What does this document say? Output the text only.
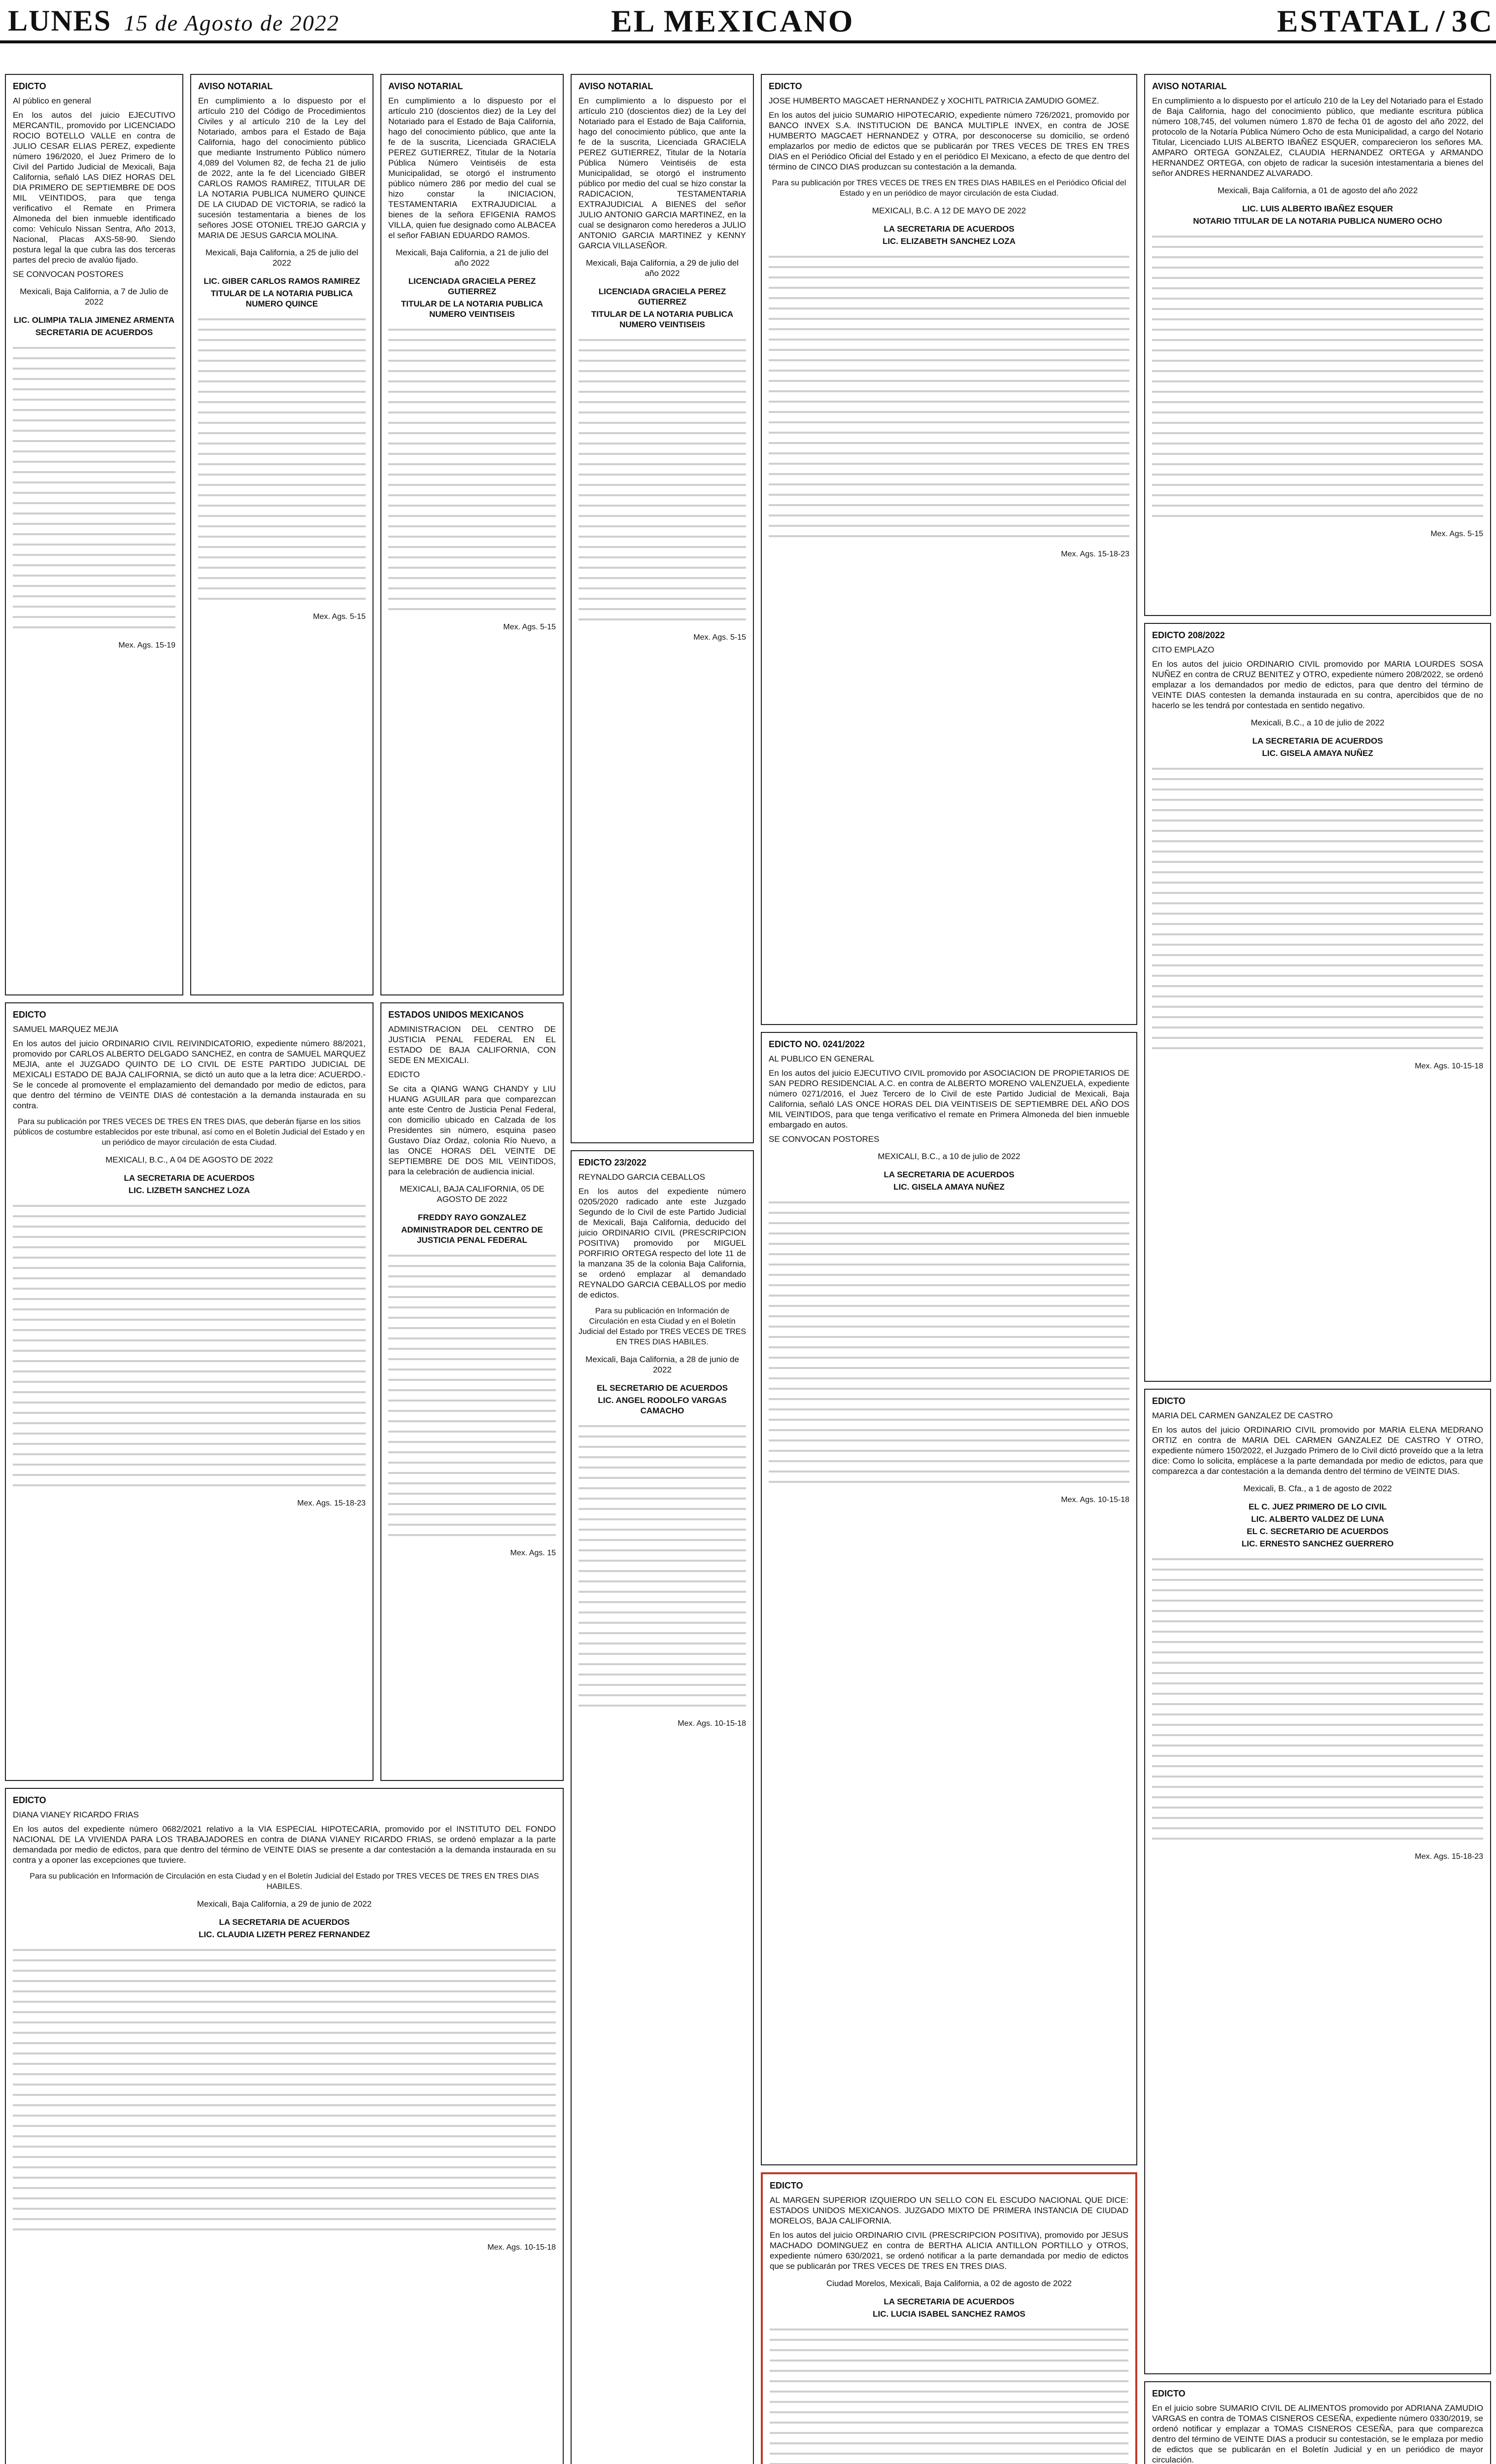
LUNES 15 de Agosto de 2022	EL MEXICANO	ESTATAL / 3C
EDICTO

Al público en general

En los autos del juicio EJECUTIVO MERCANTIL, promovido por LICENCIADO ROCIO BOTELLO VALLE en contra de JULIO CESAR ELIAS PEREZ, expediente número 196/2020, el Juez Primero de lo Civil del Partido Judicial de Mexicali, Baja California, señaló LAS DIEZ HORAS DEL DIA PRIMERO DE SEPTIEMBRE DE DOS MIL VEINTIDOS, para que tenga verificativo el Remate en Primera Almoneda del bien inmueble identificado como: Vehículo Nissan Sentra, Año 2013, Nacional, Placas AXS-58-90. Siendo postura legal la que cubra las dos terceras partes del precio de avalúo fijado.

SE CONVOCAN POSTORES

Mexicali, Baja California, a 7 de Julio de 2022

LIC. OLIMPIA TALIA JIMENEZ ARMENTA

SECRETARIA DE ACUERDOS

Mex. Ags. 15-19
AVISO NOTARIAL

En cumplimiento a lo dispuesto por el artículo 210 del Código de Procedimientos Civiles y al artículo 210 de la Ley del Notariado, ambos para el Estado de Baja California, hago del conocimiento público que mediante Instrumento Público número 4,089 del Volumen 82, de fecha 21 de julio de 2022, ante la fe del Licenciado GIBER CARLOS RAMOS RAMIREZ, TITULAR DE LA NOTARIA PUBLICA NUMERO QUINCE DE LA CIUDAD DE VICTORIA, se radicó la sucesión testamentaria a bienes de los señores JOSE OTONIEL TREJO GARCIA y MARIA DE JESUS GARCIA MOLINA.

Mexicali, Baja California, a 25 de julio del 2022

LIC. GIBER CARLOS RAMOS RAMIREZ

TITULAR DE LA NOTARIA PUBLICA NUMERO QUINCE

Mex. Ags. 5-15
AVISO NOTARIAL

En cumplimiento a lo dispuesto por el artículo 210 (doscientos diez) de la Ley del Notariado para el Estado de Baja California, hago del conocimiento público, que ante la fe de la suscrita, Licenciada GRACIELA PEREZ GUTIERREZ, Titular de la Notaría Pública Número Veintiséis de esta Municipalidad, se otorgó el instrumento público número 286 por medio del cual se hizo constar la INICIACION, TESTAMENTARIA EXTRAJUDICIAL a bienes de la señora EFIGENIA RAMOS VILLA, quien fue designado como ALBACEA el señor FABIAN EDUARDO RAMOS.

Mexicali, Baja California, a 21 de julio del año 2022

LICENCIADA GRACIELA PEREZ GUTIERREZ

TITULAR DE LA NOTARIA PUBLICA NUMERO VEINTISEIS

Mex. Ags. 5-15
AVISO NOTARIAL

En cumplimiento a lo dispuesto por el artículo 210 (doscientos diez) de la Ley del Notariado para el Estado de Baja California, hago del conocimiento público, que ante la fe de la suscrita, Licenciada GRACIELA PEREZ GUTIERREZ, Titular de la Notaría Pública Número Veintiséis de esta Municipalidad, se otorgó el instrumento público por medio del cual se hizo constar la RADICACION, TESTAMENTARIA EXTRAJUDICIAL A BIENES del señor JULIO ANTONIO GARCIA MARTINEZ, en la cual se designaron como herederos a JULIO ANTONIO GARCIA MARTINEZ y KENNY GARCIA VILLASEÑOR.

Mexicali, Baja California, a 29 de julio del año 2022

LICENCIADA GRACIELA PEREZ GUTIERREZ

TITULAR DE LA NOTARIA PUBLICA NUMERO VEINTISEIS

Mex. Ags. 5-15
EDICTO

JOSE HUMBERTO MAGCAET HERNANDEZ y XOCHITL PATRICIA ZAMUDIO GOMEZ.

En los autos del juicio SUMARIO HIPOTECARIO, expediente número 726/2021, promovido por BANCO INVEX S.A. INSTITUCION DE BANCA MULTIPLE INVEX, en contra de JOSE HUMBERTO MAGCAET HERNANDEZ y OTRA, por desconocerse su domicilio, se ordenó emplazarlos por medio de edictos que se publicarán por TRES VECES DE TRES EN TRES DIAS en el Periódico Oficial del Estado y en el periódico El Mexicano, a efecto de que dentro del término de CINCO DIAS produzcan su contestación a la demanda.

Para su publicación por TRES VECES DE TRES EN TRES DIAS HABILES en el Periódico Oficial del Estado y en un periódico de mayor circulación de esta Ciudad.
MEXICALI, B.C. A 12 DE MAYO DE 2022

LA SECRETARIA DE ACUERDOS

LIC. ELIZABETH SANCHEZ LOZA

Mex. Ags. 15-18-23
AVISO NOTARIAL

En cumplimiento a lo dispuesto por el artículo 210 de la Ley del Notariado para el Estado de Baja California, hago del conocimiento público, que mediante escritura pública número 108,745, del volumen número 1.870 de fecha 01 de agosto del año 2022, del protocolo de la Notaría Pública Número Ocho de esta Municipalidad, a cargo del Notario Titular, Licenciado LUIS ALBERTO IBAÑEZ ESQUER, comparecieron los señores MA. AMPARO ORTEGA GONZALEZ, CLAUDIA HERNANDEZ ORTEGA y ARMANDO HERNANDEZ ORTEGA, con objeto de radicar la sucesión intestamentaria a bienes del señor ANDRES HERNANDEZ ALVARADO.

Mexicali, Baja California, a 01 de agosto del año 2022

LIC. LUIS ALBERTO IBAÑEZ ESQUER

NOTARIO TITULAR DE LA NOTARIA PUBLICA NUMERO OCHO

Mex. Ags. 5-15
EDICTO

SAMUEL MARQUEZ MEJIA

En los autos del juicio ORDINARIO CIVIL REIVINDICATORIO, expediente número 88/2021, promovido por CARLOS ALBERTO DELGADO SANCHEZ, en contra de SAMUEL MARQUEZ MEJIA, ante el JUZGADO QUINTO DE LO CIVIL DE ESTE PARTIDO JUDICIAL DE MEXICALI ESTADO DE BAJA CALIFORNIA, se dictó un auto que a la letra dice: ACUERDO.- Se le concede al promovente el emplazamiento del demandado por medio de edictos, para que dentro del término de VEINTE DIAS dé contestación a la demanda instaurada en su contra.

Para su publicación por TRES VECES DE TRES EN TRES DIAS, que deberán fijarse en los sitios públicos de costumbre establecidos por este tribunal, así como en el Boletín Judicial del Estado y en un periódico de mayor circulación de esta Ciudad.
MEXICALI, B.C., A 04 DE AGOSTO DE 2022

LA SECRETARIA DE ACUERDOS

LIC. LIZBETH SANCHEZ LOZA

Mex. Ags. 15-18-23
ESTADOS UNIDOS MEXICANOS

ADMINISTRACION DEL CENTRO DE JUSTICIA PENAL FEDERAL EN EL ESTADO DE BAJA CALIFORNIA, CON SEDE EN MEXICALI.

EDICTO

Se cita a QIANG WANG CHANDY y LIU HUANG AGUILAR para que comparezcan ante este Centro de Justicia Penal Federal, con domicilio ubicado en Calzada de los Presidentes sin número, esquina paseo Gustavo Díaz Ordaz, colonia Río Nuevo, a las ONCE HORAS DEL VEINTE DE SEPTIEMBRE DE DOS MIL VEINTIDOS, para la celebración de audiencia inicial.

MEXICALI, BAJA CALIFORNIA, 05 DE AGOSTO DE 2022

FREDDY RAYO GONZALEZ

ADMINISTRADOR DEL CENTRO DE JUSTICIA PENAL FEDERAL

Mex. Ags. 15
EDICTO NO. 0241/2022

AL PUBLICO EN GENERAL

En los autos del juicio EJECUTIVO CIVIL promovido por ASOCIACION DE PROPIETARIOS DE SAN PEDRO RESIDENCIAL A.C. en contra de ALBERTO MORENO VALENZUELA, expediente número 0271/2016, el Juez Tercero de lo Civil de este Partido Judicial de Mexicali, Baja California, señaló LAS ONCE HORAS DEL DIA VEINTISEIS DE SEPTIEMBRE DEL AÑO DOS MIL VEINTIDOS, para que tenga verificativo el remate en Primera Almoneda del bien inmueble embargado en autos.

SE CONVOCAN POSTORES

MEXICALI, B.C., a 10 de julio de 2022

LA SECRETARIA DE ACUERDOS

LIC. GISELA AMAYA NUÑEZ

Mex. Ags. 10-15-18
EDICTO 208/2022

CITO EMPLAZO

En los autos del juicio ORDINARIO CIVIL promovido por MARIA LOURDES SOSA NUÑEZ en contra de CRUZ BENITEZ y OTRO, expediente número 208/2022, se ordenó emplazar a los demandados por medio de edictos, para que dentro del término de VEINTE DIAS contesten la demanda instaurada en su contra, apercibidos que de no hacerlo se les tendrá por contestada en sentido negativo.

Mexicali, B.C., a 10 de julio de 2022

LA SECRETARIA DE ACUERDOS

LIC. GISELA AMAYA NUÑEZ

Mex. Ags. 10-15-18
EDICTO

DIANA VIANEY RICARDO FRIAS

En los autos del expediente número 0682/2021 relativo a la VIA ESPECIAL HIPOTECARIA, promovido por el INSTITUTO DEL FONDO NACIONAL DE LA VIVIENDA PARA LOS TRABAJADORES en contra de DIANA VIANEY RICARDO FRIAS, se ordenó emplazar a la parte demandada por medio de edictos, para que dentro del término de VEINTE DIAS se presente a dar contestación a la demanda instaurada en su contra y a oponer las excepciones que tuviere.

Para su publicación en Información de Circulación en esta Ciudad y en el Boletín Judicial del Estado por TRES VECES DE TRES EN TRES DIAS HABILES.
Mexicali, Baja California, a 29 de junio de 2022

LA SECRETARIA DE ACUERDOS

LIC. CLAUDIA LIZETH PEREZ FERNANDEZ

Mex. Ags. 10-15-18
EDICTO 23/2022

REYNALDO GARCIA CEBALLOS

En los autos del expediente número 0205/2020 radicado ante este Juzgado Segundo de lo Civil de este Partido Judicial de Mexicali, Baja California, deducido del juicio ORDINARIO CIVIL (PRESCRIPCION POSITIVA) promovido por MIGUEL PORFIRIO ORTEGA respecto del lote 11 de la manzana 35 de la colonia Baja California, se ordenó emplazar al demandado REYNALDO GARCIA CEBALLOS por medio de edictos.

Para su publicación en Información de Circulación en esta Ciudad y en el Boletín Judicial del Estado por TRES VECES DE TRES EN TRES DIAS HABILES.
Mexicali, Baja California, a 28 de junio de 2022

EL SECRETARIO DE ACUERDOS

LIC. ANGEL RODOLFO VARGAS CAMACHO

Mex. Ags. 10-15-18
EDICTO

AL MARGEN SUPERIOR IZQUIERDO UN SELLO CON EL ESCUDO NACIONAL QUE DICE: ESTADOS UNIDOS MEXICANOS. JUZGADO MIXTO DE PRIMERA INSTANCIA DE CIUDAD MORELOS, BAJA CALIFORNIA.

En los autos del juicio ORDINARIO CIVIL (PRESCRIPCION POSITIVA), promovido por JESUS MACHADO DOMINGUEZ en contra de BERTHA ALICIA ANTILLON PORTILLO y OTROS, expediente número 630/2021, se ordenó notificar a la parte demandada por medio de edictos que se publicarán por TRES VECES DE TRES EN TRES DIAS.

Ciudad Morelos, Mexicali, Baja California, a 02 de agosto de 2022

LA SECRETARIA DE ACUERDOS

LIC. LUCIA ISABEL SANCHEZ RAMOS

EDICTO

MARIA DEL CARMEN GANZALEZ DE CASTRO

En los autos del juicio ORDINARIO CIVIL promovido por MARIA ELENA MEDRANO ORTIZ en contra de MARIA DEL CARMEN GANZALEZ DE CASTRO Y OTRO, expediente número 150/2022, el Juzgado Primero de lo Civil dictó proveído que a la letra dice: Como lo solicita, emplácese a la parte demandada por medio de edictos, para que comparezca a dar contestación a la demanda dentro del término de VEINTE DIAS.

Mexicali, B. Cfa., a 1 de agosto de 2022

EL C. JUEZ PRIMERO DE LO CIVIL

LIC. ALBERTO VALDEZ DE LUNA

EL C. SECRETARIO DE ACUERDOS

LIC. ERNESTO SANCHEZ GUERRERO

Mex. Ags. 15-18-23

EDICTO

En el juicio sobre SUMARIO CIVIL DE ALIMENTOS promovido por ADRIANA ZAMUDIO VARGAS en contra de TOMAS CISNEROS CESEÑA, expediente número 0330/2019, se ordenó notificar y emplazar a TOMAS CISNEROS CESEÑA, para que comparezca dentro del término de VEINTE DIAS a producir su contestación, se le emplaza por medio de edictos que se publicarán en el Boletín Judicial y en un periódico de mayor circulación.
